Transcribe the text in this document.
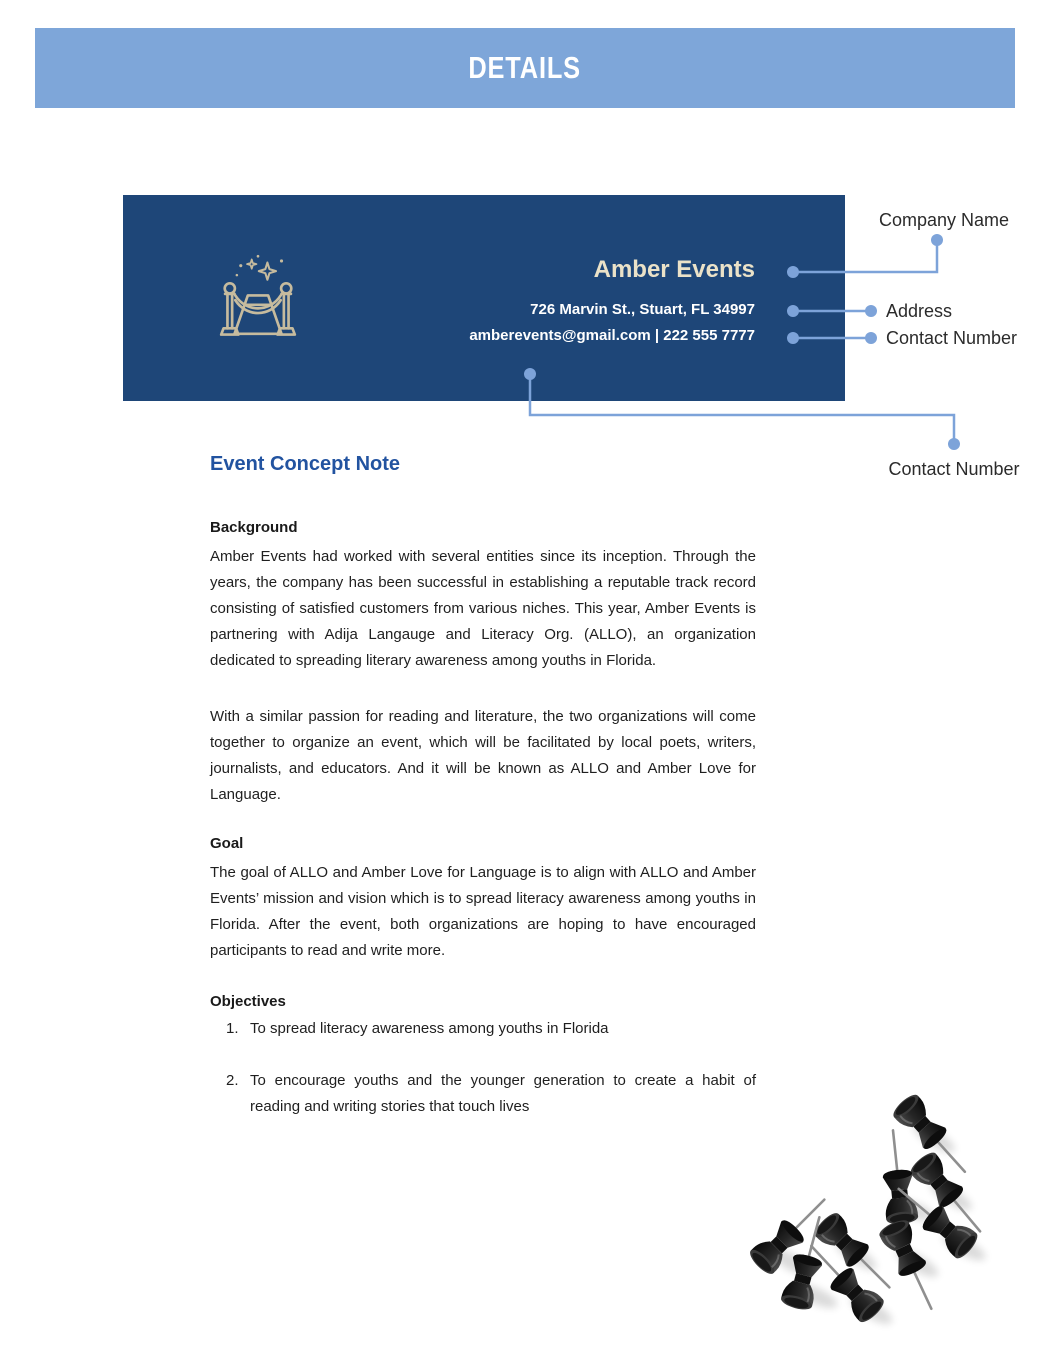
DETAILS
Amber Events
726 Marvin St., Stuart, FL 34997
amberevents@gmail.com | 222 555 7777
Company Name
Address
Contact Number
Contact Number
Event Concept Note
Background

Amber Events had worked with several entities since its inception. Through the years, the company has been successful in establishing a reputable track record consisting of satisfied customers from various niches. This year, Amber Events is partnering with Adija Langauge and Literacy Org. (ALLO), an organization dedicated to spreading literary awareness among youths in Florida.

With a similar passion for reading and literature, the two organizations will come together to organize an event, which will be facilitated by local poets, writers, journalists, and educators. And it will be known as ALLO and Amber Love for Language.

Goal

The goal of ALLO and Amber Love for Language is to align with ALLO and Amber Events’ mission and vision which is to spread literacy awareness among youths in Florida. After the event, both organizations are hoping to have encouraged participants to read and write more.

Objectives
1. To spread literacy awareness among youths in Florida
2. To encourage youths and the younger generation to create a habit of reading and writing stories that touch lives
